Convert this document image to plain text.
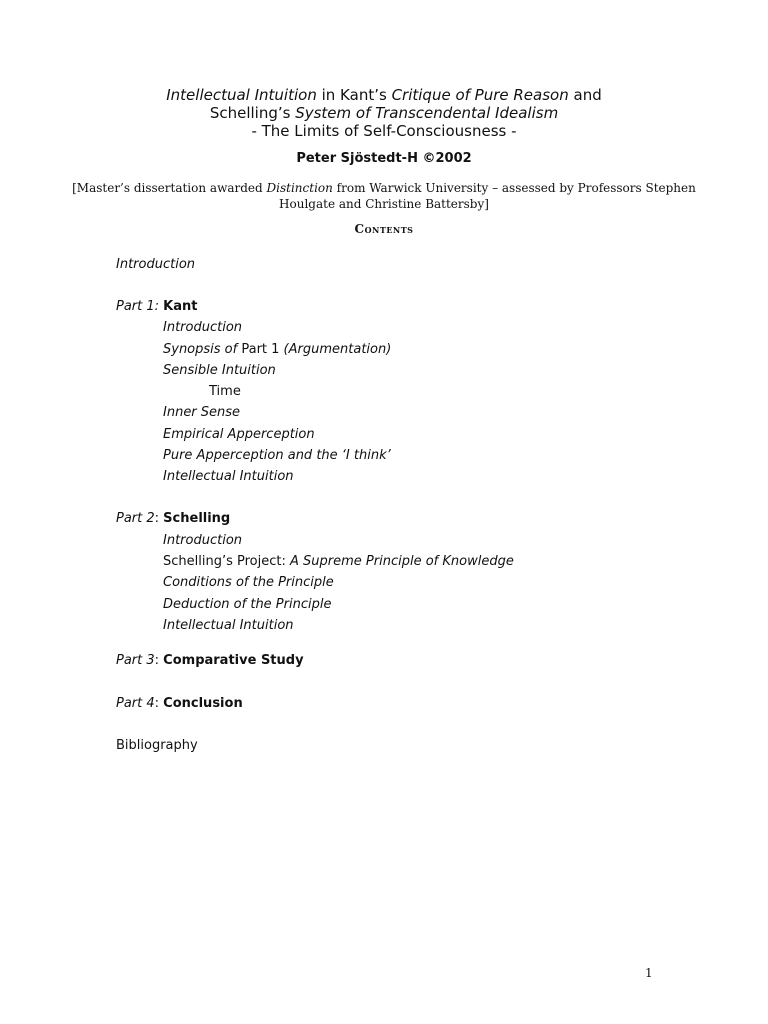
Intellectual Intuition in Kant’s Critique of Pure Reason and
Schelling’s System of Transcendental Idealism
- The Limits of Self-Consciousness -
Peter Sjöstedt-H ©2002
[Master’s dissertation awarded Distinction from Warwick University – assessed by Professors Stephen
Houlgate and Christine Battersby]
Contents
Introduction
Part 1: Kant
Introduction
Synopsis of Part 1 (Argumentation)
Sensible Intuition
Time
Inner Sense
Empirical Apperception
Pure Apperception and the ‘I think’
Intellectual Intuition
Part 2: Schelling
Introduction
Schelling’s Project: A Supreme Principle of Knowledge
Conditions of the Principle
Deduction of the Principle
Intellectual Intuition
Part 3: Comparative Study
Part 4: Conclusion
Bibliography
1
